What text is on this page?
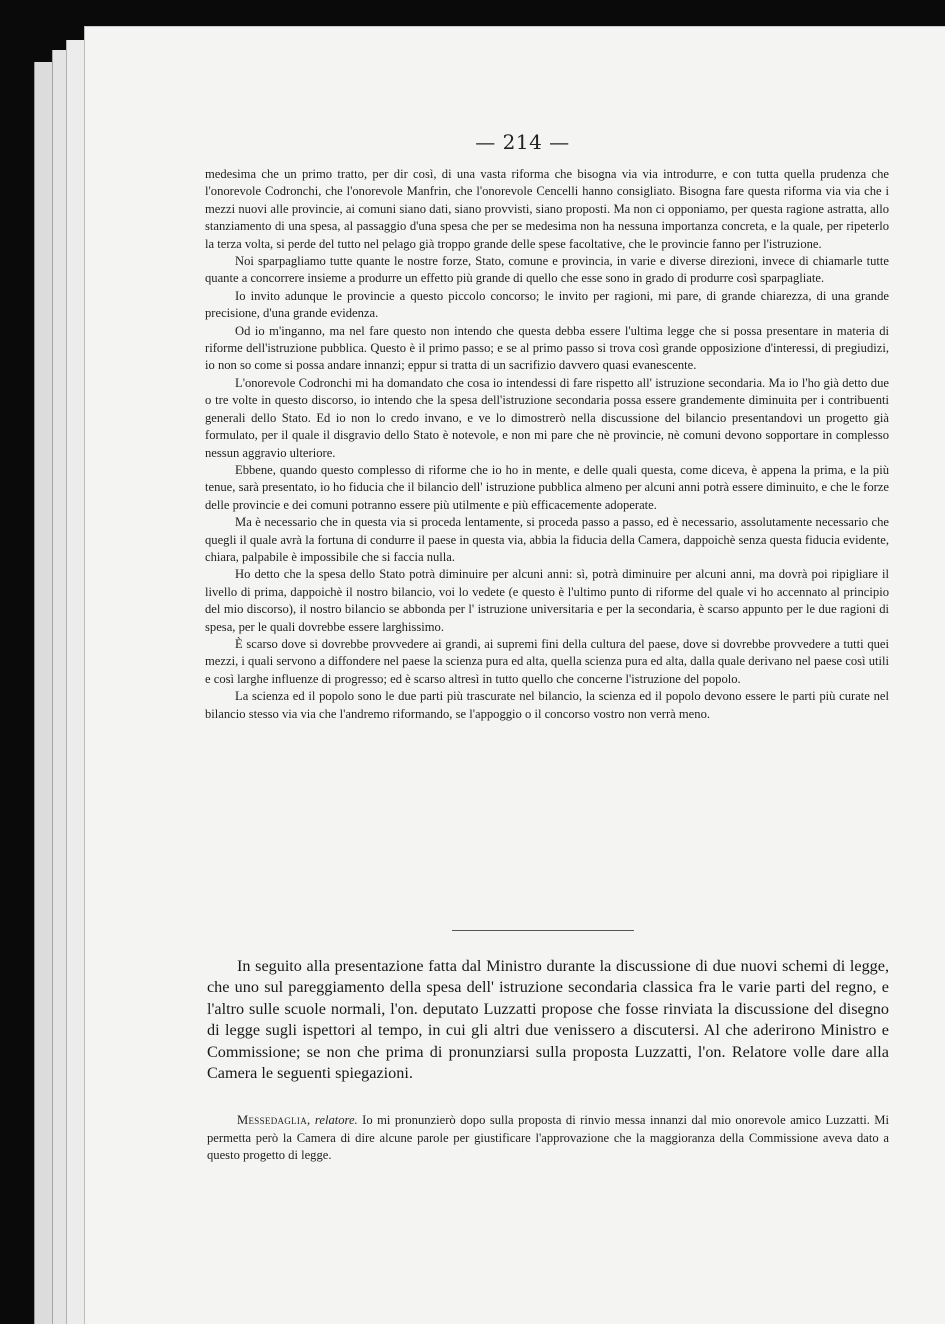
— 214 —

medesima che un primo tratto, per dir così, di una vasta riforma che bisogna via via introdurre, e con tutta quella prudenza che l'onorevole Codronchi, che l'onorevole Manfrin, che l'onorevole Cencelli hanno consigliato. Bisogna fare questa riforma via via che i mezzi nuovi alle provincie, ai comuni siano dati, siano provvisti, siano proposti. Ma non ci opponiamo, per questa ragione astratta, allo stanziamento di una spesa, al passaggio d'una spesa che per se medesima non ha nessuna importanza concreta, e la quale, per ripeterlo la terza volta, si perde del tutto nel pelago già troppo grande delle spese facoltative, che le provincie fanno per l'istruzione.

Noi sparpagliamo tutte quante le nostre forze, Stato, comune e provincia, in varie e diverse direzioni, invece di chiamarle tutte quante a concorrere insieme a produrre un effetto più grande di quello che esse sono in grado di produrre così sparpagliate.

Io invito adunque le provincie a questo piccolo concorso; le invito per ragioni, mi pare, di grande chiarezza, di una grande precisione, d'una grande evidenza.

Od io m'inganno, ma nel fare questo non intendo che questa debba essere l'ultima legge che si possa presentare in materia di riforme dell'istruzione pubblica. Questo è il primo passo; e se al primo passo si trova così grande opposizione d'interessi, di pregiudizi, io non so come si possa andare innanzi; eppur si tratta di un sacrifizio davvero quasi evanescente.

L'onorevole Codronchi mi ha domandato che cosa io intendessi di fare rispetto all' istruzione secondaria. Ma io l'ho già detto due o tre volte in questo discorso, io intendo che la spesa dell'istruzione secondaria possa essere grandemente diminuita per i contribuenti generali dello Stato. Ed io non lo credo invano, e ve lo dimostrerò nella discussione del bilancio presentandovi un progetto già formulato, per il quale il disgravio dello Stato è notevole, e non mi pare che nè provincie, nè comuni devono sopportare in complesso nessun aggravio ulteriore.

Ebbene, quando questo complesso di riforme che io ho in mente, e delle quali questa, come diceva, è appena la prima, e la più tenue, sarà presentato, io ho fiducia che il bilancio dell' istruzione pubblica almeno per alcuni anni potrà essere diminuito, e che le forze delle provincie e dei comuni potranno essere più utilmente e più efficacemente adoperate.

Ma è necessario che in questa via si proceda lentamente, si proceda passo a passo, ed è necessario, assolutamente necessario che quegli il quale avrà la fortuna di condurre il paese in questa via, abbia la fiducia della Camera, dappoichè senza questa fiducia evidente, chiara, palpabile è impossibile che si faccia nulla.

Ho detto che la spesa dello Stato potrà diminuire per alcuni anni: sì, potrà diminuire per alcuni anni, ma dovrà poi ripigliare il livello di prima, dappoichè il nostro bilancio, voi lo vedete (e questo è l'ultimo punto di riforme del quale vi ho accennato al principio del mio discorso), il nostro bilancio se abbonda per l' istruzione universitaria e per la secondaria, è scarso appunto per le due ragioni di spesa, per le quali dovrebbe essere larghissimo.

È scarso dove si dovrebbe provvedere ai grandi, ai supremi fini della cultura del paese, dove si dovrebbe provvedere a tutti quei mezzi, i quali servono a diffondere nel paese la scienza pura ed alta, quella scienza pura ed alta, dalla quale derivano nel paese così utili e così larghe influenze di progresso; ed è scarso altresì in tutto quello che concerne l'istruzione del popolo.

La scienza ed il popolo sono le due parti più trascurate nel bilancio, la scienza ed il popolo devono essere le parti più curate nel bilancio stesso via via che l'andremo riformando, se l'appoggio o il concorso vostro non verrà meno.

In seguito alla presentazione fatta dal Ministro durante la discussione di due nuovi schemi di legge, che uno sul pareggiamento della spesa dell' istruzione secondaria classica fra le varie parti del regno, e l'altro sulle scuole normali, l'on. deputato Luzzatti propose che fosse rinviata la discussione del disegno di legge sugli ispettori al tempo, in cui gli altri due venissero a discutersi. Al che aderirono Ministro e Commissione; se non che prima di pronunziarsi sulla proposta Luzzatti, l'on. Relatore volle dare alla Camera le seguenti spiegazioni.
Messedaglia, relatore. Io mi pronunzierò dopo sulla proposta di rinvio messa innanzi dal mio onorevole amico Luzzatti. Mi permetta però la Camera di dire alcune parole per giustificare l'approvazione che la maggioranza della Commissione aveva dato a questo progetto di legge.
